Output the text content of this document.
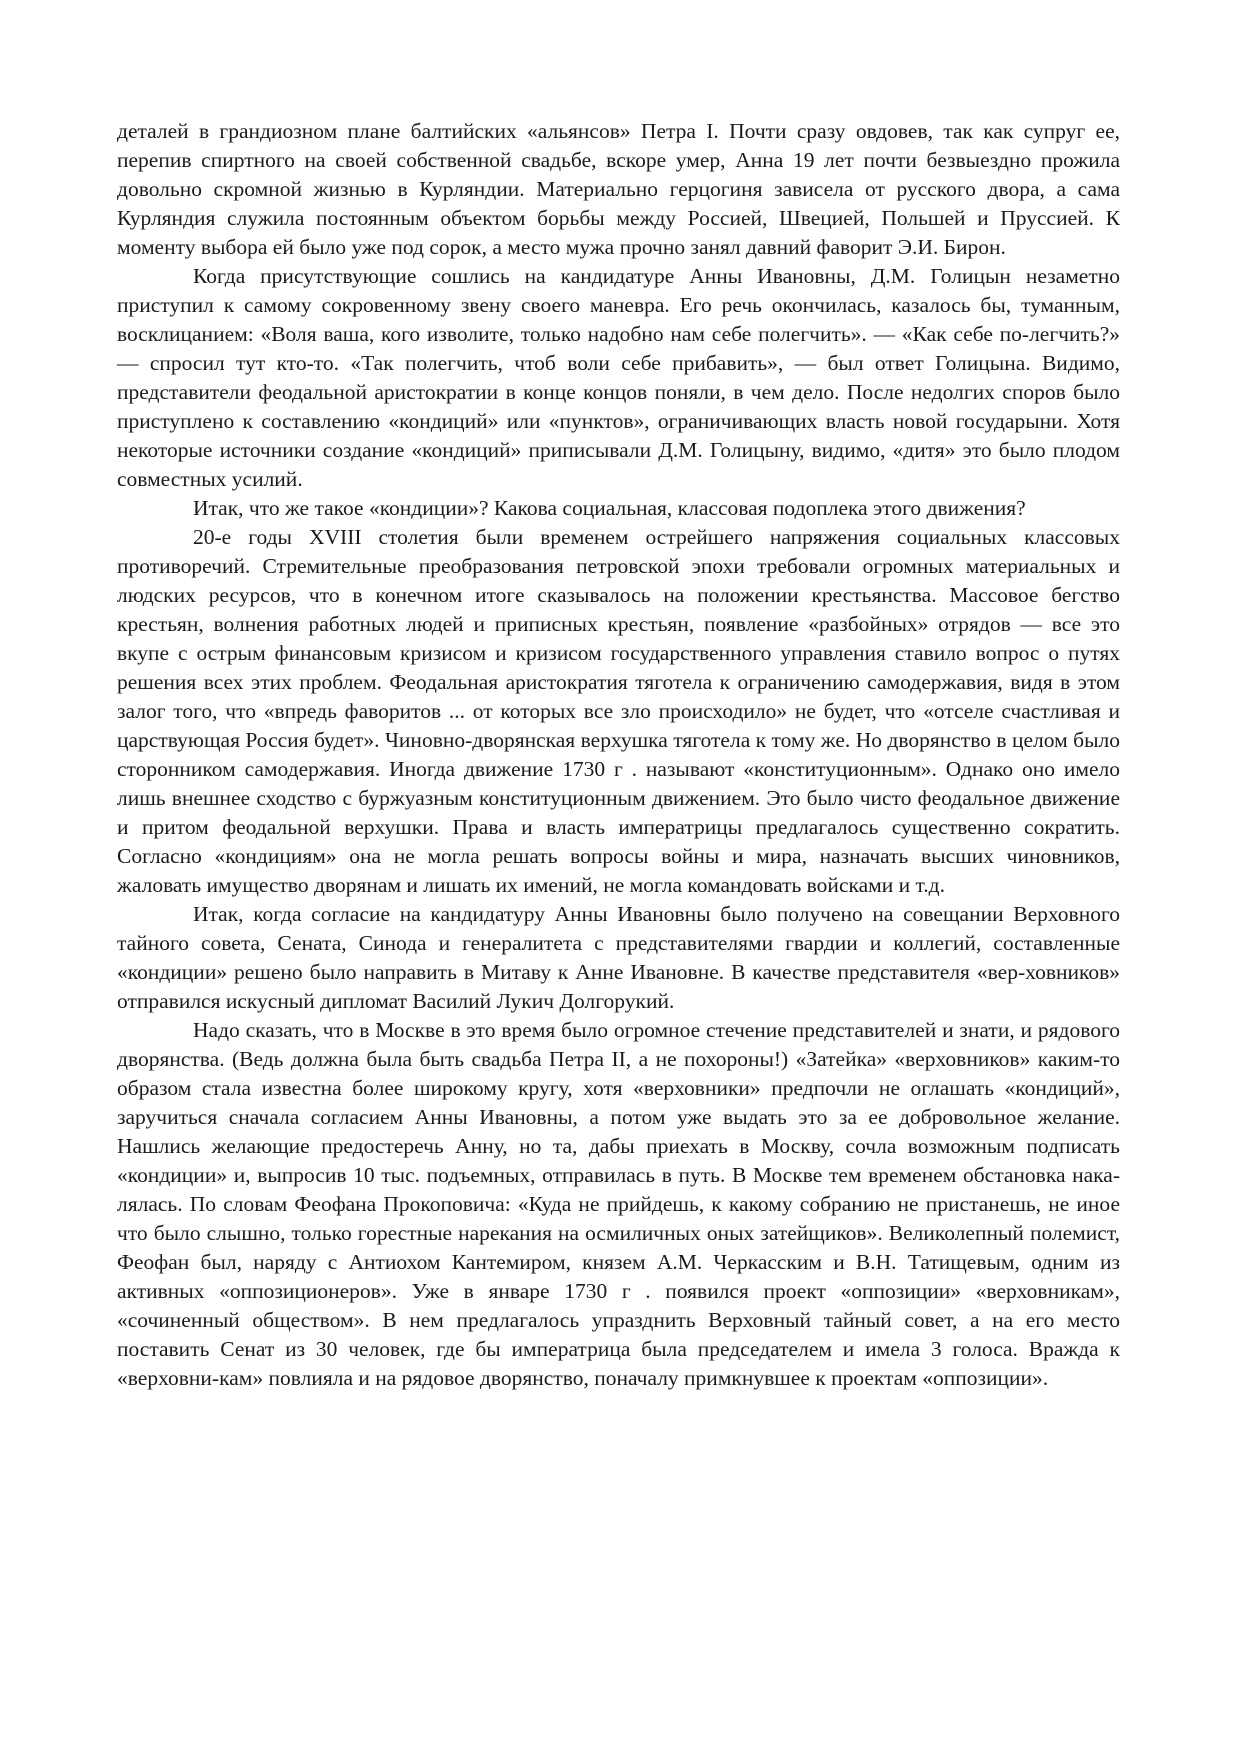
деталей в грандиозном плане балтийских «альянсов» Петра I. Почти сразу овдовев, так как супруг ее, перепив спиртного на своей собственной свадьбе, вскоре умер, Анна 19 лет почти безвыездно прожила довольно скромной жизнью в Курляндии. Материально герцогиня зависела от русского двора, а сама Курляндия служила постоянным объектом борьбы между Россией, Швецией, Польшей и Пруссией. К моменту выбора ей было уже под сорок, а место мужа прочно занял давний фаворит Э.И. Бирон.

Когда присутствующие сошлись на кандидатуре Анны Ивановны, Д.М. Голицын незаметно приступил к самому сокровенному звену своего маневра. Его речь окончилась, казалось бы, туманным, восклицанием: «Воля ваша, кого изволите, только надобно нам себе полегчить». — «Как себе по-легчить?» — спросил тут кто-то. «Так полегчить, чтоб воли себе прибавить», — был ответ Голицына. Видимо, представители феодальной аристократии в конце концов поняли, в чем дело. После недолгих споров было приступлено к составлению «кондиций» или «пунктов», ограничивающих власть новой государыни. Хотя некоторые источники создание «кондиций» приписывали Д.М. Голицыну, видимо, «дитя» это было плодом совместных усилий.

Итак, что же такое «кондиции»? Какова социальная, классовая подоплека этого движения?

20-е годы XVIII столетия были временем острейшего напряжения социальных классовых противоречий. Стремительные преобразования петровской эпохи требовали огромных материальных и людских ресурсов, что в конечном итоге сказывалось на положении крестьянства. Массовое бегство крестьян, волнения работных людей и приписных крестьян, появление «разбойных» отрядов — все это вкупе с острым финансовым кризисом и кризисом государственного управления ставило вопрос о путях решения всех этих проблем. Феодальная аристократия тяготела к ограничению самодержавия, видя в этом залог того, что «впредь фаворитов ... от которых все зло происходило» не будет, что «отселе счастливая и царствующая Россия будет». Чиновно-дворянская верхушка тяготела к тому же. Но дворянство в целом было сторонником самодержавия. Иногда движение 1730 г . называют «конституционным». Однако оно имело лишь внешнее сходство с буржуазным конституционным движением. Это было чисто феодальное движение и притом феодальной верхушки. Права и власть императрицы предлагалось существенно сократить. Согласно «кондициям» она не могла решать вопросы войны и мира, назначать высших чиновников, жаловать имущество дворянам и лишать их имений, не могла командовать войсками и т.д.

Итак, когда согласие на кандидатуру Анны Ивановны было получено на совещании Верховного тайного совета, Сената, Синода и генералитета с представителями гвардии и коллегий, составленные «кондиции» решено было направить в Митаву к Анне Ивановне. В качестве представителя «вер-ховников» отправился искусный дипломат Василий Лукич Долгорукий.

Надо сказать, что в Москве в это время было огромное стечение представителей и знати, и рядового дворянства. (Ведь должна была быть свадьба Петра II, а не похороны!) «Затейка» «верховников» каким-то образом стала известна более широкому кругу, хотя «верховники» предпочли не оглашать «кондиций», заручиться сначала согласием Анны Ивановны, а потом уже выдать это за ее добровольное желание. Нашлись желающие предостеречь Анну, но та, дабы приехать в Москву, сочла возможным подписать «кондиции» и, выпросив 10 тыс. подъемных, отправилась в путь. В Москве тем временем обстановка накалялась. По словам Феофана Прокоповича: «Куда не прийдешь, к какому собранию не пристанешь, не иное что было слышно, только горестные нарекания на осмиличных оных затейщиков». Великолепный полемист, Феофан был, наряду с Антиохом Кантемиром, князем А.М. Черкасским и В.Н. Татищевым, одним из активных «оппозиционеров». Уже в январе 1730 г . появился проект «оппозиции» «верховникам», «сочиненный обществом». В нем предлагалось упразднить Верховный тайный совет, а на его место поставить Сенат из 30 человек, где бы императрица была председателем и имела 3 голоса. Вражда к «верховни-кам» повлияла и на рядовое дворянство, поначалу примкнувшее к проектам «оппозиции».
